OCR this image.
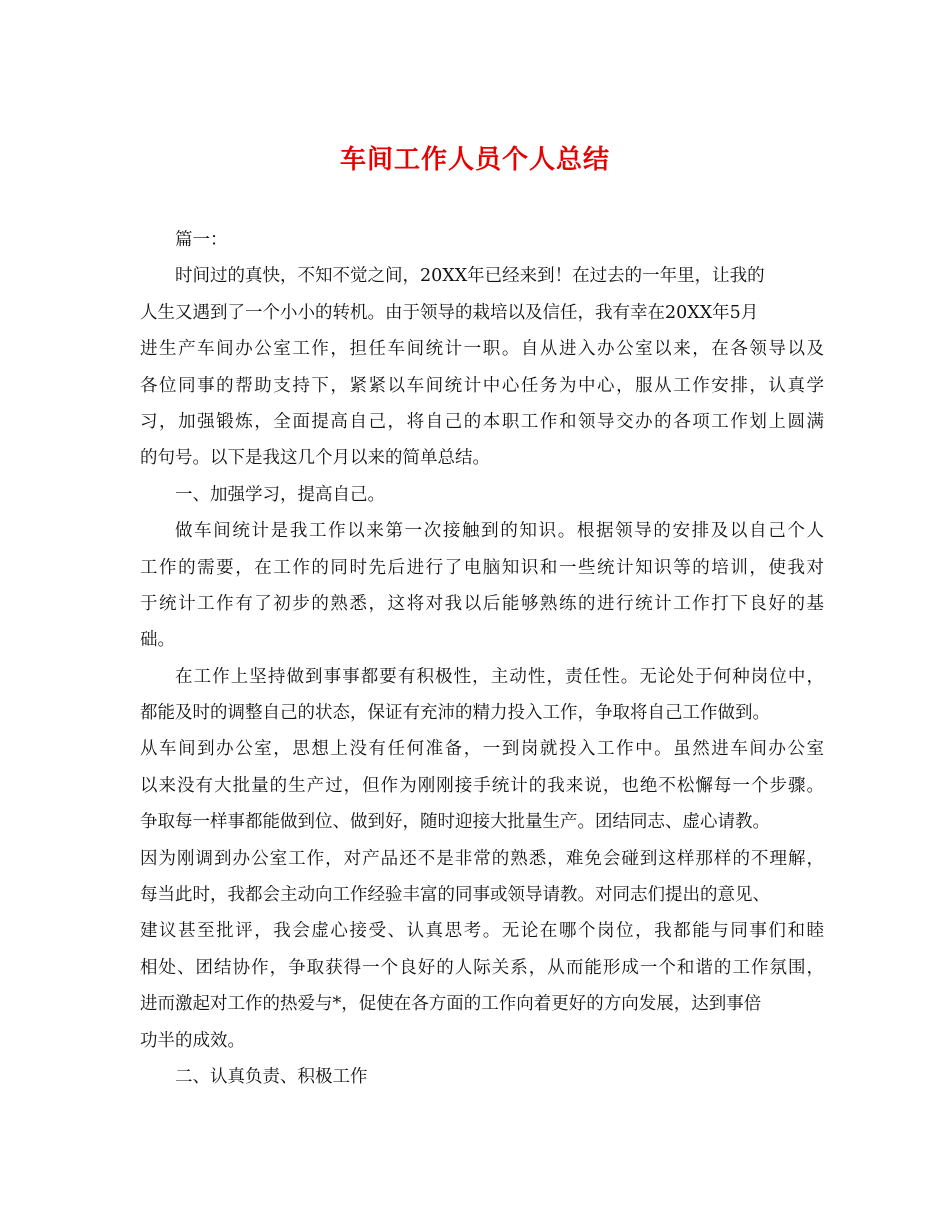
车间工作人员个人总结
篇一：
时间过的真快，不知不觉之间，20XX年已经来到！在过去的一年里，让我的
人生又遇到了一个小小的转机。由于领导的栽培以及信任，我有幸在20XX年5月
进生产车间办公室工作，担任车间统计一职。自从进入办公室以来，在各领导以及
各位同事的帮助支持下，紧紧以车间统计中心任务为中心，服从工作安排，认真学
习，加强锻炼，全面提高自己，将自己的本职工作和领导交办的各项工作划上圆满
的句号。以下是我这几个月以来的简单总结。
一、加强学习，提高自己。
做车间统计是我工作以来第一次接触到的知识。根据领导的安排及以自己个人
工作的需要，在工作的同时先后进行了电脑知识和一些统计知识等的培训，使我对
于统计工作有了初步的熟悉，这将对我以后能够熟练的进行统计工作打下良好的基
础。
在工作上坚持做到事事都要有积极性，主动性，责任性。无论处于何种岗位中，
都能及时的调整自己的状态，保证有充沛的精力投入工作，争取将自己工作做到。
从车间到办公室，思想上没有任何准备，一到岗就投入工作中。虽然进车间办公室
以来没有大批量的生产过，但作为刚刚接手统计的我来说，也绝不松懈每一个步骤。
争取每一样事都能做到位、做到好，随时迎接大批量生产。团结同志、虚心请教。
因为刚调到办公室工作，对产品还不是非常的熟悉，难免会碰到这样那样的不理解，
每当此时，我都会主动向工作经验丰富的同事或领导请教。对同志们提出的意见、
建议甚至批评，我会虚心接受、认真思考。无论在哪个岗位，我都能与同事们和睦
相处、团结协作，争取获得一个良好的人际关系，从而能形成一个和谐的工作氛围，
进而激起对工作的热爱与*，促使在各方面的工作向着更好的方向发展，达到事倍
功半的成效。
二、认真负责、积极工作
